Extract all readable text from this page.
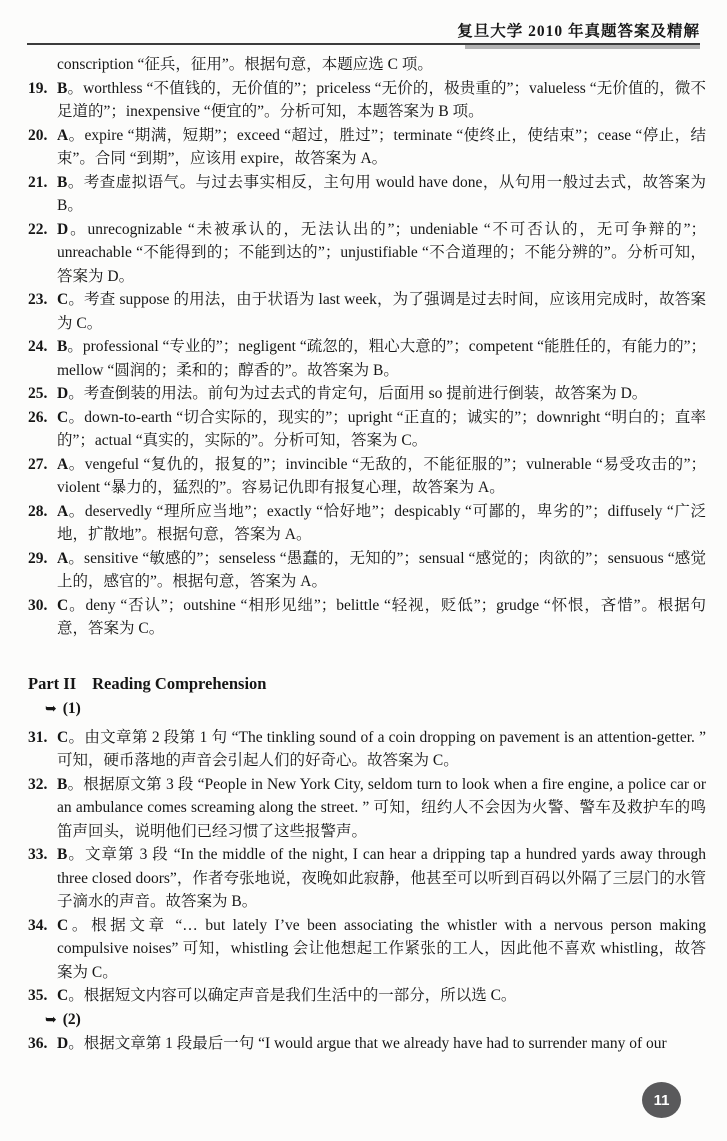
复旦大学 2010 年真题答案及精解

conscription “征兵，征用”。根据句意，本题应选 C 项。

19. B。worthless “不值钱的，无价值的”；priceless “无价的，极贵重的”；valueless “无价值的，微不足道的”；inexpensive “便宜的”。分析可知，本题答案为 B 项。

20. A。expire “期满，短期”；exceed “超过，胜过”；terminate “使终止，使结束”；cease “停止，结束”。合同 “到期”，应该用 expire，故答案为 A。

21. B。考查虚拟语气。与过去事实相反，主句用 would have done，从句用一般过去式，故答案为 B。

22. D。unrecognizable “未被承认的，无法认出的”；undeniable “不可否认的，无可争辩的”；unreachable “不能得到的；不能到达的”；unjustifiable “不合道理的；不能分辨的”。分析可知，答案为 D。

23. C。考查 suppose 的用法，由于状语为 last week，为了强调是过去时间，应该用完成时，故答案为 C。

24. B。professional “专业的”；negligent “疏忽的，粗心大意的”；competent “能胜任的，有能力的”；mellow “圆润的；柔和的；醇香的”。故答案为 B。

25. D。考查倒装的用法。前句为过去式的肯定句，后面用 so 提前进行倒装，故答案为 D。

26. C。down-to-earth “切合实际的，现实的”；upright “正直的；诚实的”；downright “明白的；直率的”；actual “真实的，实际的”。分析可知，答案为 C。

27. A。vengeful “复仇的，报复的”；invincible “无敌的，不能征服的”；vulnerable “易受攻击的”；violent “暴力的，猛烈的”。容易记仇即有报复心理，故答案为 A。

28. A。deservedly “理所应当地”；exactly “恰好地”；despicably “可鄙的，卑劣的”；diffusely “广泛地，扩散地”。根据句意，答案为 A。

29. A。sensitive “敏感的”；senseless “愚蠢的，无知的”；sensual “感觉的；肉欲的”；sensuous “感觉上的，感官的”。根据句意，答案为 A。

30. C。deny “否认”；outshine “相形见绌”；belittle “轻视，贬低”；grudge “怀恨，吝惜”。根据句意，答案为 C。

Part II Reading Comprehension

➥ (1)

31. C。由文章第 2 段第 1 句 “The tinkling sound of a coin dropping on pavement is an attention-getter. ” 可知，硬币落地的声音会引起人们的好奇心。故答案为 C。

32. B。根据原文第 3 段 “People in New York City, seldom turn to look when a fire engine, a police car or an ambulance comes screaming along the street. ” 可知，纽约人不会因为火警、警车及救护车的鸣笛声回头，说明他们已经习惯了这些报警声。

33. B。文章第 3 段 “In the middle of the night, I can hear a dripping tap a hundred yards away through three closed doors”，作者夸张地说，夜晚如此寂静，他甚至可以听到百码以外隔了三层门的水管子滴水的声音。故答案为 B。

34. C。根据文章 “… but lately I’ve been associating the whistler with a nervous person making compulsive noises” 可知，whistling 会让他想起工作紧张的工人，因此他不喜欢 whistling，故答案为 C。

35. C。根据短文内容可以确定声音是我们生活中的一部分，所以选 C。

➥ (2)

36. D。根据文章第 1 段最后一句 “I would argue that we already have had to surrender many of our

11
